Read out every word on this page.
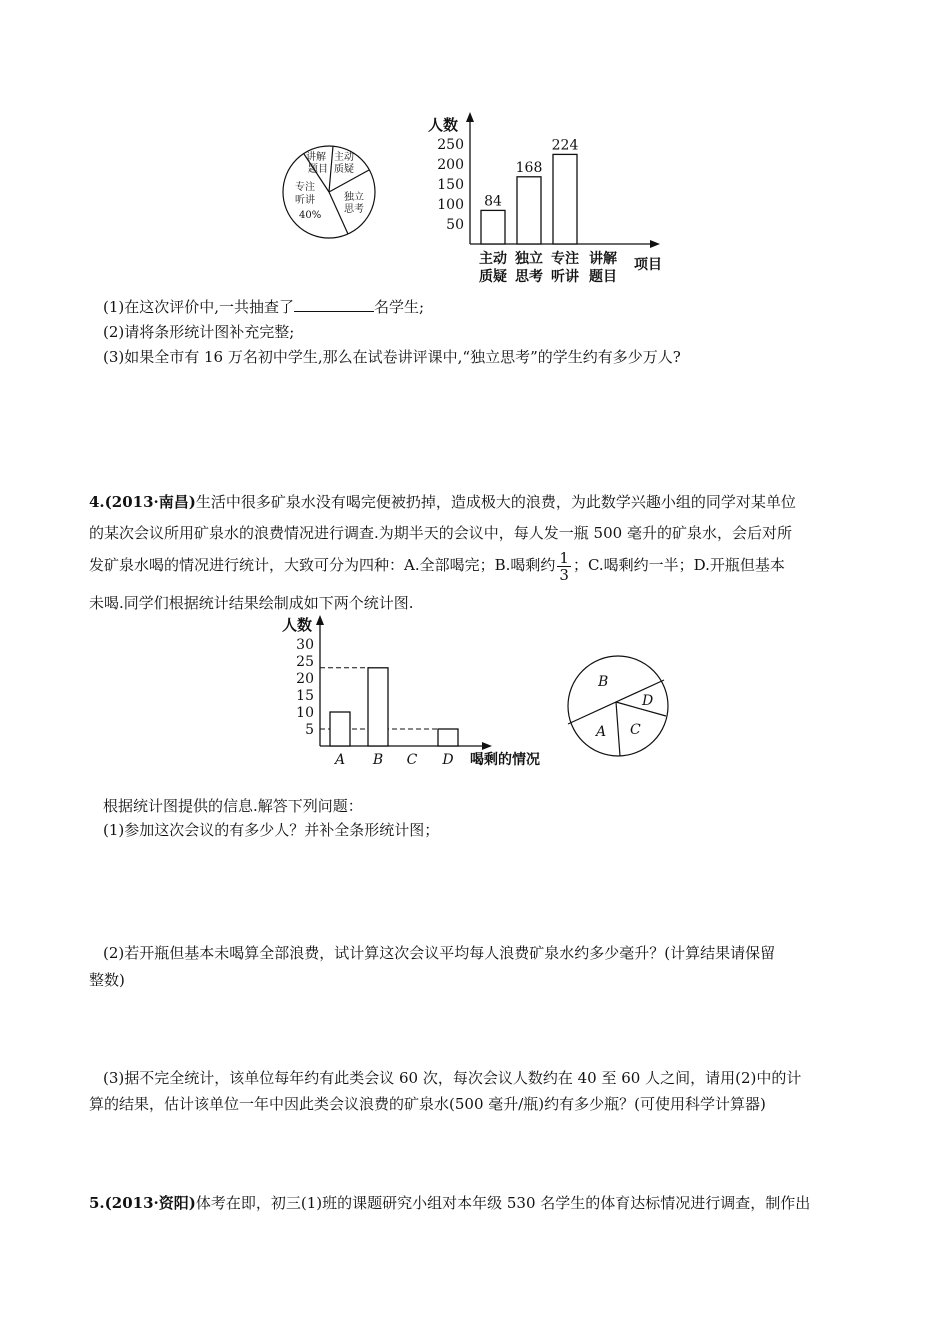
讲解
题目
主动
质疑
独立
思考
专注
听讲
40%
人数
250
200
150
100
50
84
168
224
主动
质疑
独立
思考
专注
听讲
讲解
题目
项目
(1)在这次评价中,一共抽查了	名学生;
(2)请将条形统计图补充完整;
(3)如果全市有 16 万名初中学生,那么在试卷讲评课中,“独立思考”的学生约有多少万人?
4.(2013·南昌)生活中很多矿泉水没有喝完便被扔掉，造成极大的浪费，为此数学兴趣小组的同学对某单位
的某次会议所用矿泉水的浪费情况进行调查.为期半天的会议中，每人发一瓶 500 毫升的矿泉水，会后对所
发矿泉水喝的情况进行统计，大致可分为四种：A.全部喝完；B.喝剩约 $\frac{1}{3}$ ；C.喝剩约一半；D.开瓶但基本
未喝.同学们根据统计结果绘制成如下两个统计图.
人数
30
25
20
15
10
5
A B C D 喝剩的情况
B
D
A C
根据统计图提供的信息.解答下列问题：
(1)参加这次会议的有多少人？并补全条形统计图；
(2)若开瓶但基本未喝算全部浪费，试计算这次会议平均每人浪费矿泉水约多少毫升？(计算结果请保留
整数)
(3)据不完全统计，该单位每年约有此类会议 60 次，每次会议人数约在 40 至 60 人之间，请用(2)中的计
算的结果，估计该单位一年中因此类会议浪费的矿泉水(500 毫升/瓶)约有多少瓶？(可使用科学计算器)
5.(2013·资阳)体考在即，初三(1)班的课题研究小组对本年级 530 名学生的体育达标情况进行调查，制作出
